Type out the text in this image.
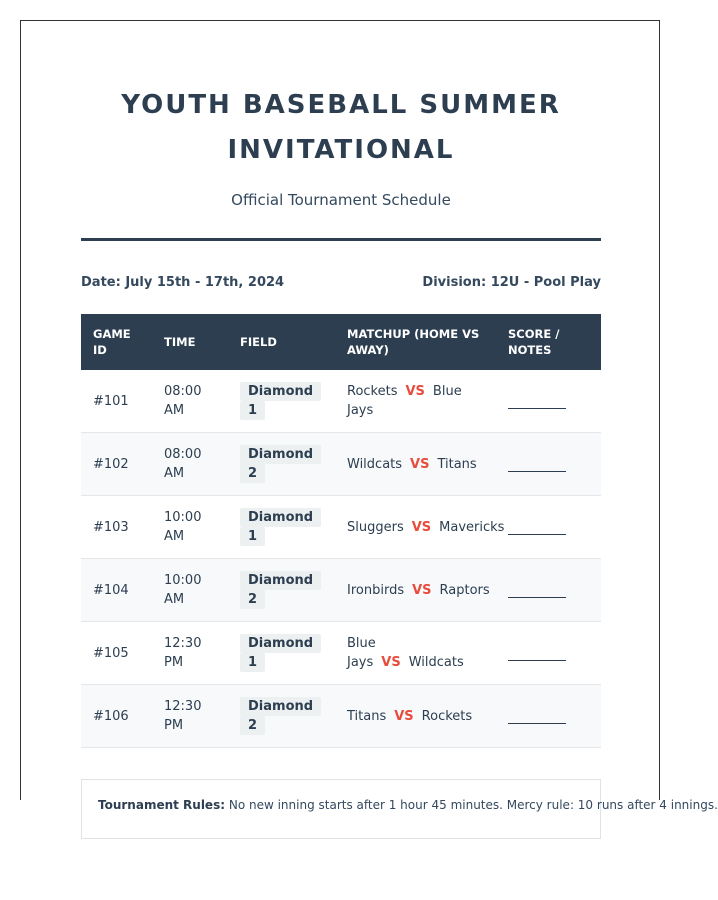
YOUTH BASEBALL SUMMER
INVITATIONAL
Official Tournament Schedule
Date: July 15th - 17th, 2024	Division: 12U - Pool Play
GAME ID	TIME	FIELD	MATCHUP (HOME VS AWAY)	SCORE / NOTES
#101	08:00 AM	Diamond 1	Rockets VS Blue Jays	
#102	08:00 AM	Diamond 2	Wildcats VS Titans	
#103	10:00 AM	Diamond 1	Sluggers VS Mavericks	
#104	10:00 AM	Diamond 2	Ironbirds VS Raptors	
#105	12:30 PM	Diamond 1	Blue Jays VS Wildcats	
#106	12:30 PM	Diamond 2	Titans VS Rockets	
Tournament Rules: No new inning starts after 1 hour 45 minutes. Mercy rule: 10 runs after 4 innings.
